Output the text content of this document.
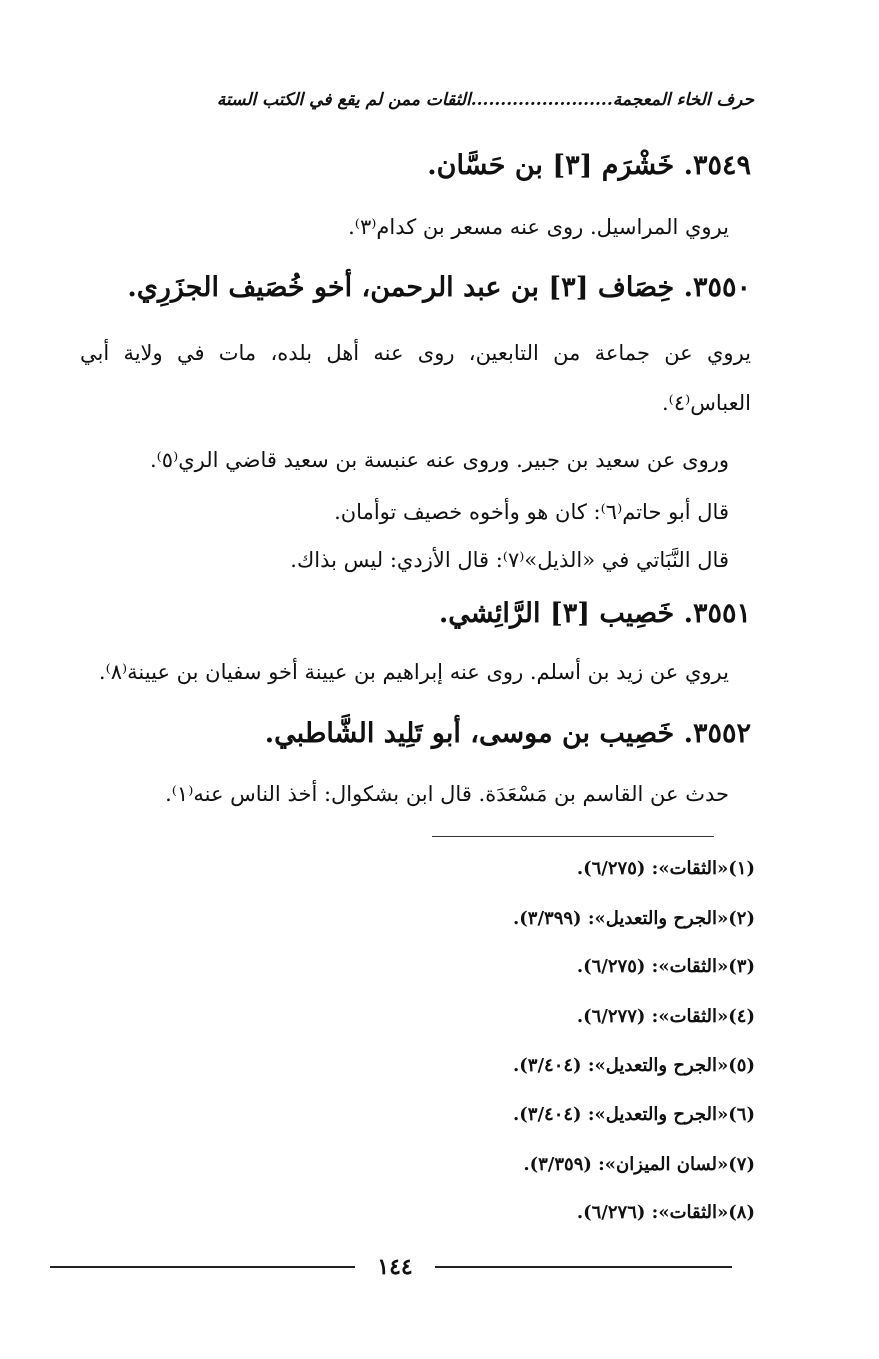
حرف الخاء المعجمة........................الثقات ممن لم يقع في الكتب الستة
٣٥٤٩. خَشْرَم [٣] بن حَسَّان.
يروي المراسيل. روى عنه مسعر بن كدام⁽٣⁾.
٣٥٥٠. خِصَاف [٣] بن عبد الرحمن، أخو خُصَيف الجزَرِي.
يروي عن جماعة من التابعين، روى عنه أهل بلده، مات في ولاية أبي العباس⁽٤⁾.
وروى عن سعيد بن جبير. وروى عنه عنبسة بن سعيد قاضي الري⁽٥⁾.
قال أبو حاتم⁽٦⁾: كان هو وأخوه خصيف توأمان.
قال النَّبَاتي في «الذيل»⁽٧⁾: قال الأزدي: ليس بذاك.
٣٥٥١. خَصِيب [٣] الرَّائِشي.
يروي عن زيد بن أسلم. روى عنه إبراهيم بن عيينة أخو سفيان بن عيينة⁽٨⁾.
٣٥٥٢. خَصِيب بن موسى، أبو تَلِيد الشَّاطبي.
حدث عن القاسم بن مَسْعَدَة. قال ابن بشكوال: أخذ الناس عنه⁽١⁾.
(١)«الثقات»: (٦/٢٧٥).
(٢)«الجرح والتعديل»: (٣/٣٩٩).
(٣)«الثقات»: (٦/٢٧٥).
(٤)«الثقات»: (٦/٢٧٧).
(٥)«الجرح والتعديل»: (٣/٤٠٤).
(٦)«الجرح والتعديل»: (٣/٤٠٤).
(٧)«لسان الميزان»: (٣/٣٥٩).
(٨)«الثقات»: (٦/٢٧٦).
١٤٤
